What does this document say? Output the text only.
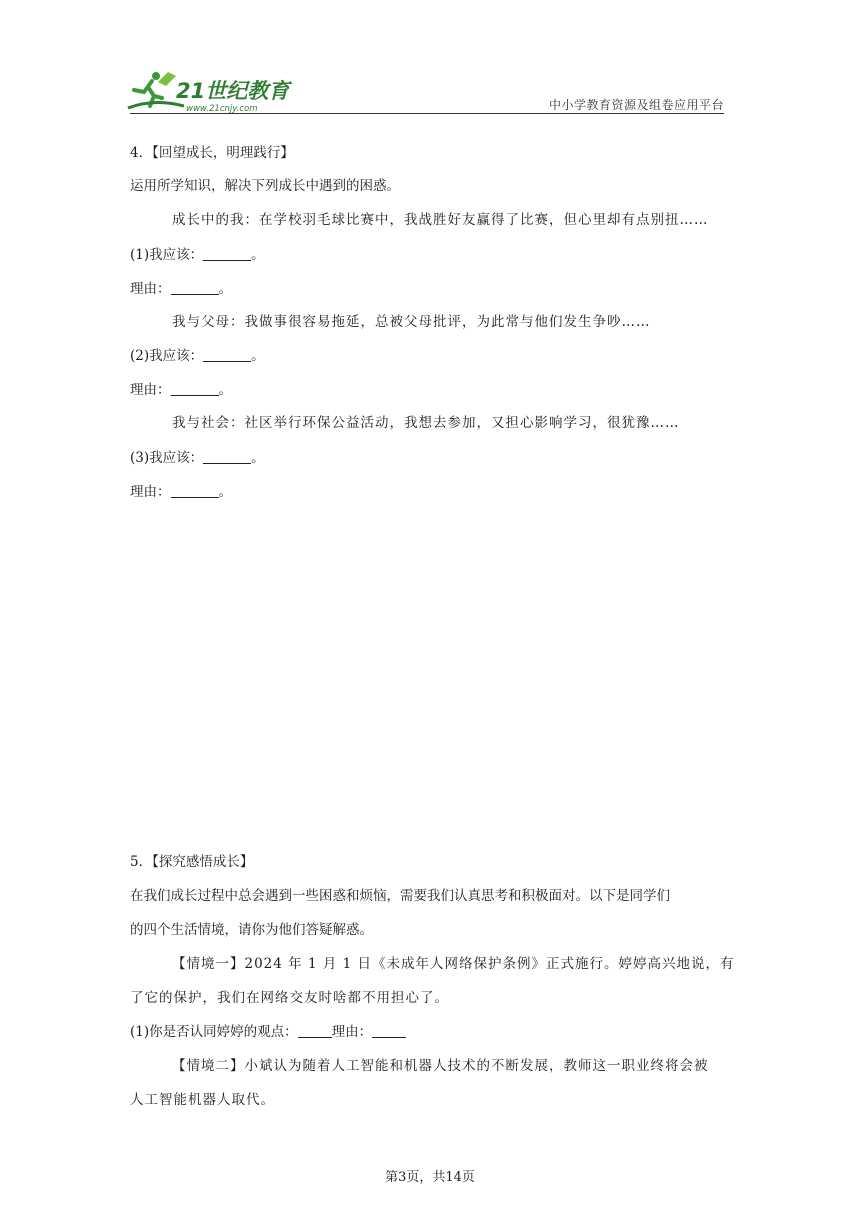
21世纪教育
www.21cnjy.com	中小学教育资源及组卷应用平台
4．【回望成长，明理践行】
运用所学知识，解决下列成长中遇到的困惑。
成长中的我：在学校羽毛球比赛中，我战胜好友赢得了比赛，但心里却有点别扭……
(1)我应该：	。
理由：	。
我与父母：我做事很容易拖延，总被父母批评，为此常与他们发生争吵……
(2)我应该：	。
理由：	。
我与社会：社区举行环保公益活动，我想去参加，又担心影响学习，很犹豫……
(3)我应该：	。
理由：	。
5．【探究感悟成长】
在我们成长过程中总会遇到一些困惑和烦恼，需要我们认真思考和积极面对。以下是同学们
的四个生活情境，请你为他们答疑解惑。
【情境一】2024 年 1 月 1 日《未成年人网络保护条例》正式施行。婷婷高兴地说，有
了它的保护，我们在网络交友时啥都不用担心了。
(1)你是否认同婷婷的观点：	理由：
【情境二】小斌认为随着人工智能和机器人技术的不断发展，教师这一职业终将会被
人工智能机器人取代。
第3页，共14页
